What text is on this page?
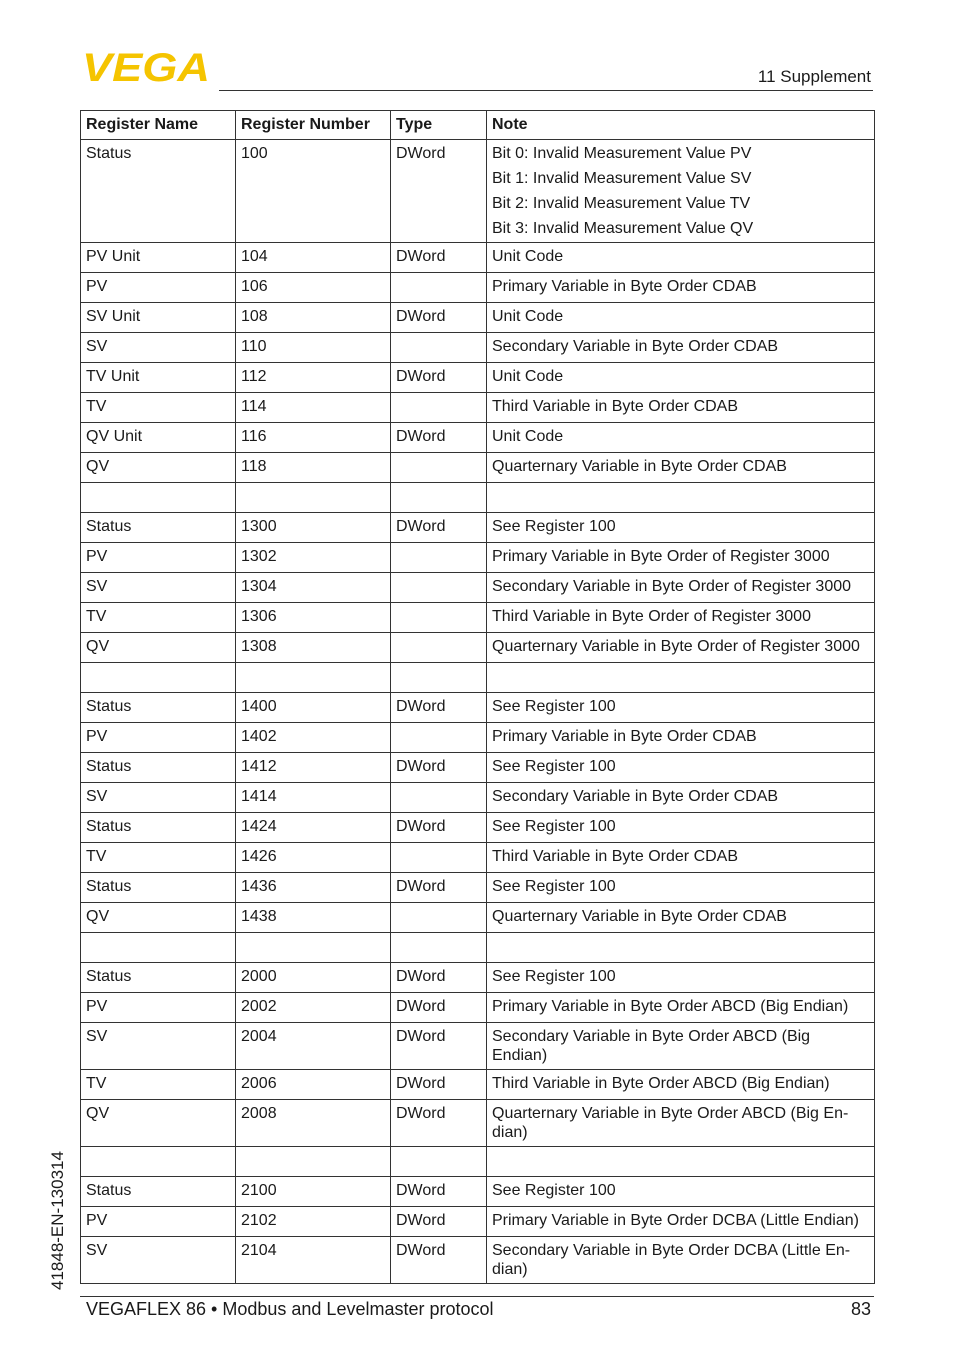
VEGA	11 Supplement
Register Name	Register Number	Type	Note
Status	100	DWord	Bit 0: Invalid Measurement Value PV
Bit 1: Invalid Measurement Value SV
Bit 2: Invalid Measurement Value TV
Bit 3: Invalid Measurement Value QV

PV Unit	104	DWord	Unit Code

PV	106		Primary Variable in Byte Order CDAB

SV Unit	108	DWord	Unit Code

SV	110		Secondary Variable in Byte Order CDAB

TV Unit	112	DWord	Unit Code

TV	114		Third Variable in Byte Order CDAB

QV Unit	116	DWord	Unit Code

QV	118		Quarternary Variable in Byte Order CDAB

Status	1300	DWord	See Register 100

PV	1302		Primary Variable in Byte Order of Register 3000

SV	1304		Secondary Variable in Byte Order of Register 3000

TV	1306		Third Variable in Byte Order of Register 3000

QV	1308		Quarternary Variable in Byte Order of Register 3000

Status	1400	DWord	See Register 100

PV	1402		Primary Variable in Byte Order CDAB

Status	1412	DWord	See Register 100

SV	1414		Secondary Variable in Byte Order CDAB

Status	1424	DWord	See Register 100

TV	1426		Third Variable in Byte Order CDAB

Status	1436	DWord	See Register 100

QV	1438		Quarternary Variable in Byte Order CDAB

Status	2000	DWord	See Register 100

PV	2002	DWord	Primary Variable in Byte Order ABCD (Big Endian)

SV	2004	DWord	Secondary Variable in Byte Order ABCD (Big Endian)

TV	2006	DWord	Third Variable in Byte Order ABCD (Big Endian)

QV	2008	DWord	Quarternary Variable in Byte Order ABCD (Big En-dian)

Status	2100	DWord	See Register 100

PV	2102	DWord	Primary Variable in Byte Order DCBA (Little Endian)

SV	2104	DWord	Secondary Variable in Byte Order DCBA (Little En-dian)
41848-EN-130314
VEGAFLEX 86 • Modbus and Levelmaster protocol	83
